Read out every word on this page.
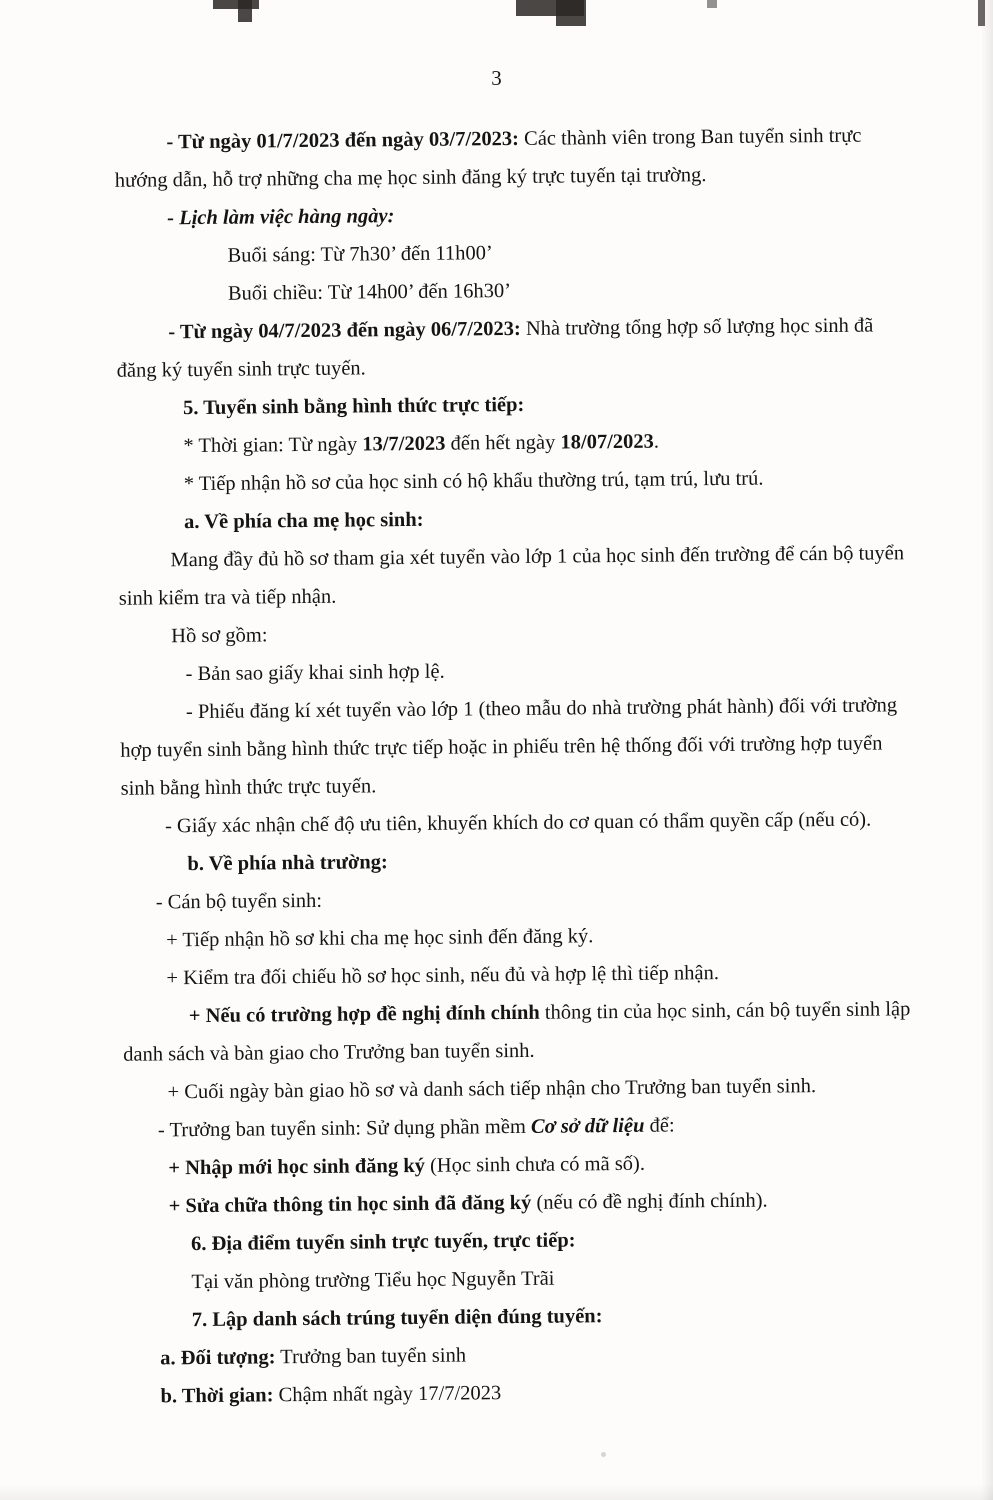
3

- Từ ngày 01/7/2023 đến ngày 03/7/2023: Các thành viên trong Ban tuyển sinh trực hướng dẫn, hỗ trợ những cha mẹ học sinh đăng ký trực tuyến tại trường.

- Lịch làm việc hàng ngày:

Buổi sáng: Từ 7h30’ đến 11h00’

Buổi chiều: Từ 14h00’ đến 16h30’

- Từ ngày 04/7/2023 đến ngày 06/7/2023: Nhà trường tổng hợp số lượng học sinh đã đăng ký tuyển sinh trực tuyến.

5. Tuyển sinh bằng hình thức trực tiếp:

* Thời gian: Từ ngày 13/7/2023 đến hết ngày 18/07/2023.

* Tiếp nhận hồ sơ của học sinh có hộ khẩu thường trú, tạm trú, lưu trú.

a. Về phía cha mẹ học sinh:

Mang đầy đủ hồ sơ tham gia xét tuyển vào lớp 1 của học sinh đến trường để cán bộ tuyển sinh kiểm tra và tiếp nhận.

Hồ sơ gồm:

- Bản sao giấy khai sinh hợp lệ.

- Phiếu đăng kí xét tuyển vào lớp 1 (theo mẫu do nhà trường phát hành) đối với trường hợp tuyển sinh bằng hình thức trực tiếp hoặc in phiếu trên hệ thống đối với trường hợp tuyển sinh bằng hình thức trực tuyến.

- Giấy xác nhận chế độ ưu tiên, khuyến khích do cơ quan có thẩm quyền cấp (nếu có).

b. Về phía nhà trường:

- Cán bộ tuyển sinh:

+ Tiếp nhận hồ sơ khi cha mẹ học sinh đến đăng ký.

+ Kiểm tra đối chiếu hồ sơ học sinh, nếu đủ và hợp lệ thì tiếp nhận.

+ Nếu có trường hợp đề nghị đính chính thông tin của học sinh, cán bộ tuyển sinh lập danh sách và bàn giao cho Trưởng ban tuyển sinh.

+ Cuối ngày bàn giao hồ sơ và danh sách tiếp nhận cho Trưởng ban tuyển sinh.

- Trưởng ban tuyển sinh: Sử dụng phần mềm Cơ sở dữ liệu để:

+ Nhập mới học sinh đăng ký (Học sinh chưa có mã số).

+ Sửa chữa thông tin học sinh đã đăng ký (nếu có đề nghị đính chính).

6. Địa điểm tuyển sinh trực tuyến, trực tiếp:

Tại văn phòng trường Tiểu học Nguyễn Trãi

7. Lập danh sách trúng tuyển diện đúng tuyến:

a. Đối tượng: Trưởng ban tuyển sinh

b. Thời gian: Chậm nhất ngày 17/7/2023
